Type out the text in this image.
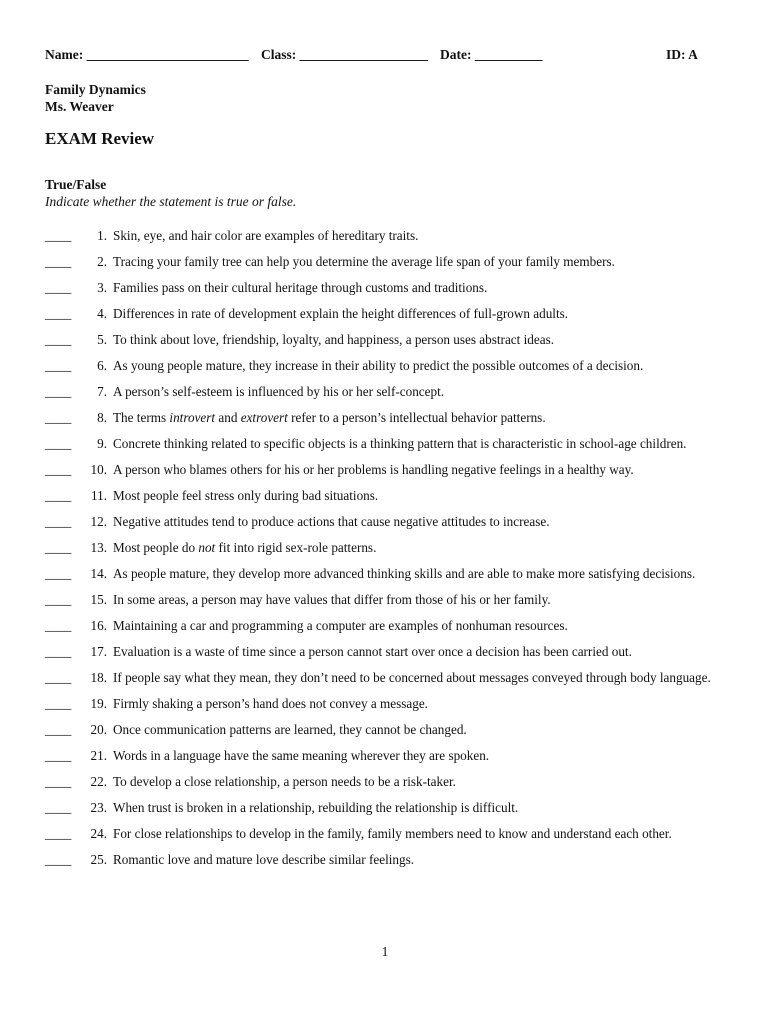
Name: ________________________ Class: ___________________ Date: __________	ID: A
Family Dynamics
Ms. Weaver
EXAM Review
True/False
Indicate whether the statement is true or false.
____	1. Skin, eye, and hair color are examples of hereditary traits.
____	2. Tracing your family tree can help you determine the average life span of your family members.
____	3. Families pass on their cultural heritage through customs and traditions.
____	4. Differences in rate of development explain the height differences of full-grown adults.
____	5. To think about love, friendship, loyalty, and happiness, a person uses abstract ideas.
____	6. As young people mature, they increase in their ability to predict the possible outcomes of a decision.
____	7. A person’s self-esteem is influenced by his or her self-concept.
____	8. The terms introvert and extrovert refer to a person’s intellectual behavior patterns.
____	9. Concrete thinking related to specific objects is a thinking pattern that is characteristic in school-age children.
____	10. A person who blames others for his or her problems is handling negative feelings in a healthy way.
____	11. Most people feel stress only during bad situations.
____	12. Negative attitudes tend to produce actions that cause negative attitudes to increase.
____	13. Most people do not fit into rigid sex-role patterns.
____	14. As people mature, they develop more advanced thinking skills and are able to make more satisfying decisions.
____	15. In some areas, a person may have values that differ from those of his or her family.
____	16. Maintaining a car and programming a computer are examples of nonhuman resources.
____	17. Evaluation is a waste of time since a person cannot start over once a decision has been carried out.
____	18. If people say what they mean, they don’t need to be concerned about messages conveyed through body language.
____	19. Firmly shaking a person’s hand does not convey a message.
____	20. Once communication patterns are learned, they cannot be changed.
____	21. Words in a language have the same meaning wherever they are spoken.
____	22. To develop a close relationship, a person needs to be a risk-taker.
____	23. When trust is broken in a relationship, rebuilding the relationship is difficult.
____	24. For close relationships to develop in the family, family members need to know and understand each other.
____	25. Romantic love and mature love describe similar feelings.
1
